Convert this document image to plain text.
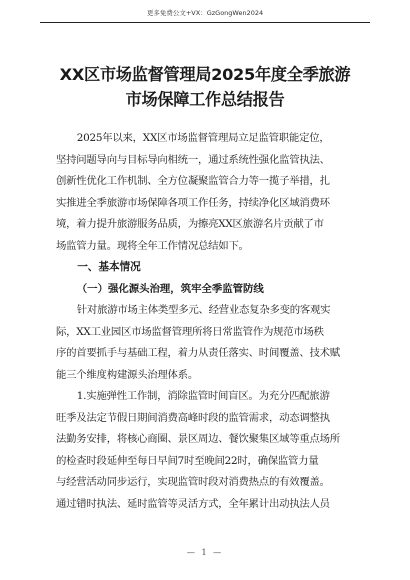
更多免费公文+VX：GzGongWen2024
XX区市场监督管理局2025年度全季旅游
市场保障工作总结报告
2025年以来，XX区市场监督管理局立足监管职能定位，
坚持问题导向与目标导向相统一，通过系统性强化监管执法、
创新性优化工作机制、全方位凝聚监管合力等一揽子举措，扎
实推进全季旅游市场保障各项工作任务，持续净化区域消费环
境，着力提升旅游服务品质，为擦亮XX区旅游名片贡献了市
场监管力量。现将全年工作情况总结如下。
一、基本情况
（一）强化源头治理，筑牢全季监管防线
针对旅游市场主体类型多元、经营业态复杂多变的客观实
际，XX工业园区市场监督管理所将日常监管作为规范市场秩
序的首要抓手与基础工程，着力从责任落实、时间覆盖、技术赋
能三个维度构建源头治理体系。
1.实施弹性工作制，消除监管时间盲区。为充分匹配旅游
旺季及法定节假日期间消费高峰时段的监管需求，动态调整执
法勤务安排，将核心商圈、景区周边、餐饮聚集区域等重点场所
的检查时段延伸至每日早间7时至晚间22时，确保监管力量
与经营活动同步运行，实现监管时段对消费热点的有效覆盖。
通过错时执法、延时监管等灵活方式，全年累计出动执法人员
— 1 —
